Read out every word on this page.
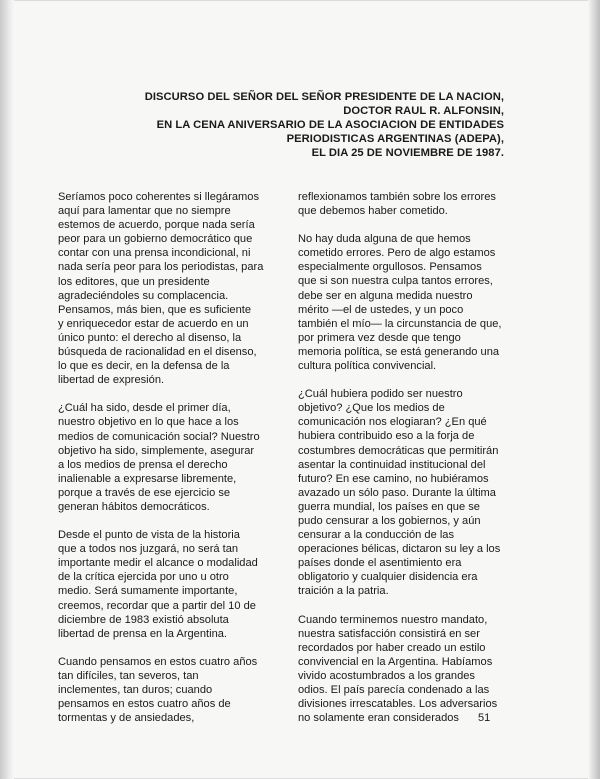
DISCURSO DEL SEÑOR DEL SEÑOR PRESIDENTE DE LA NACION,
DOCTOR RAUL R. ALFONSIN,
EN LA CENA ANIVERSARIO DE LA ASOCIACION DE ENTIDADES
PERIODISTICAS ARGENTINAS (ADEPA),
EL DIA 25 DE NOVIEMBRE DE 1987.
Seríamos poco coherentes si llegáramos
aquí para lamentar que no siempre
estemos de acuerdo, porque nada sería
peor para un gobierno democrático que
contar con una prensa incondicional, ni
nada sería peor para los periodistas, para
los editores, que un presidente
agradeciéndoles su complacencia.
Pensamos, más bien, que es suficiente
y enriquecedor estar de acuerdo en un
único punto: el derecho al disenso, la
búsqueda de racionalidad en el disenso,
lo que es decir, en la defensa de la
libertad de expresión.
¿Cuál ha sido, desde el primer día,
nuestro objetivo en lo que hace a los
medios de comunicación social? Nuestro
objetivo ha sido, simplemente, asegurar
a los medios de prensa el derecho
inalienable a expresarse libremente,
porque a través de ese ejercicio se
generan hábitos democráticos.
Desde el punto de vista de la historia
que a todos nos juzgará, no será tan
importante medir el alcance o modalidad
de la crítica ejercida por uno u otro
medio. Será sumamente importante,
creemos, recordar que a partir del 10 de
diciembre de 1983 existió absoluta
libertad de prensa en la Argentina.
Cuando pensamos en estos cuatro años
tan difíciles, tan severos, tan
inclementes, tan duros; cuando
pensamos en estos cuatro años de
tormentas y de ansiedades,
reflexionamos también sobre los errores
que debemos haber cometido.
No hay duda alguna de que hemos
cometido errores. Pero de algo estamos
especialmente orgullosos. Pensamos
que si son nuestra culpa tantos errores,
debe ser en alguna medida nuestro
mérito —el de ustedes, y un poco
también el mío— la circunstancia de que,
por primera vez desde que tengo
memoria política, se está generando una
cultura política convivencial.
¿Cuál hubiera podido ser nuestro
objetivo? ¿Que los medios de
comunicación nos elogiaran? ¿En qué
hubiera contribuido eso a la forja de
costumbres democráticas que permitirán
asentar la continuidad institucional del
futuro? En ese camino, no hubiéramos
avazado un sólo paso. Durante la última
guerra mundial, los países en que se
pudo censurar a los gobiernos, y aún
censurar a la conducción de las
operaciones bélicas, dictaron su ley a los
países donde el asentimiento era
obligatorio y cualquier disidencia era
traición a la patria.
Cuando terminemos nuestro mandato,
nuestra satisfacción consistirá en ser
recordados por haber creado un estilo
convivencial en la Argentina. Habíamos
vivido acostumbrados a los grandes
odios. El país parecía condenado a las
divisiones irrescatables. Los adversarios
no solamente eran considerados	51
